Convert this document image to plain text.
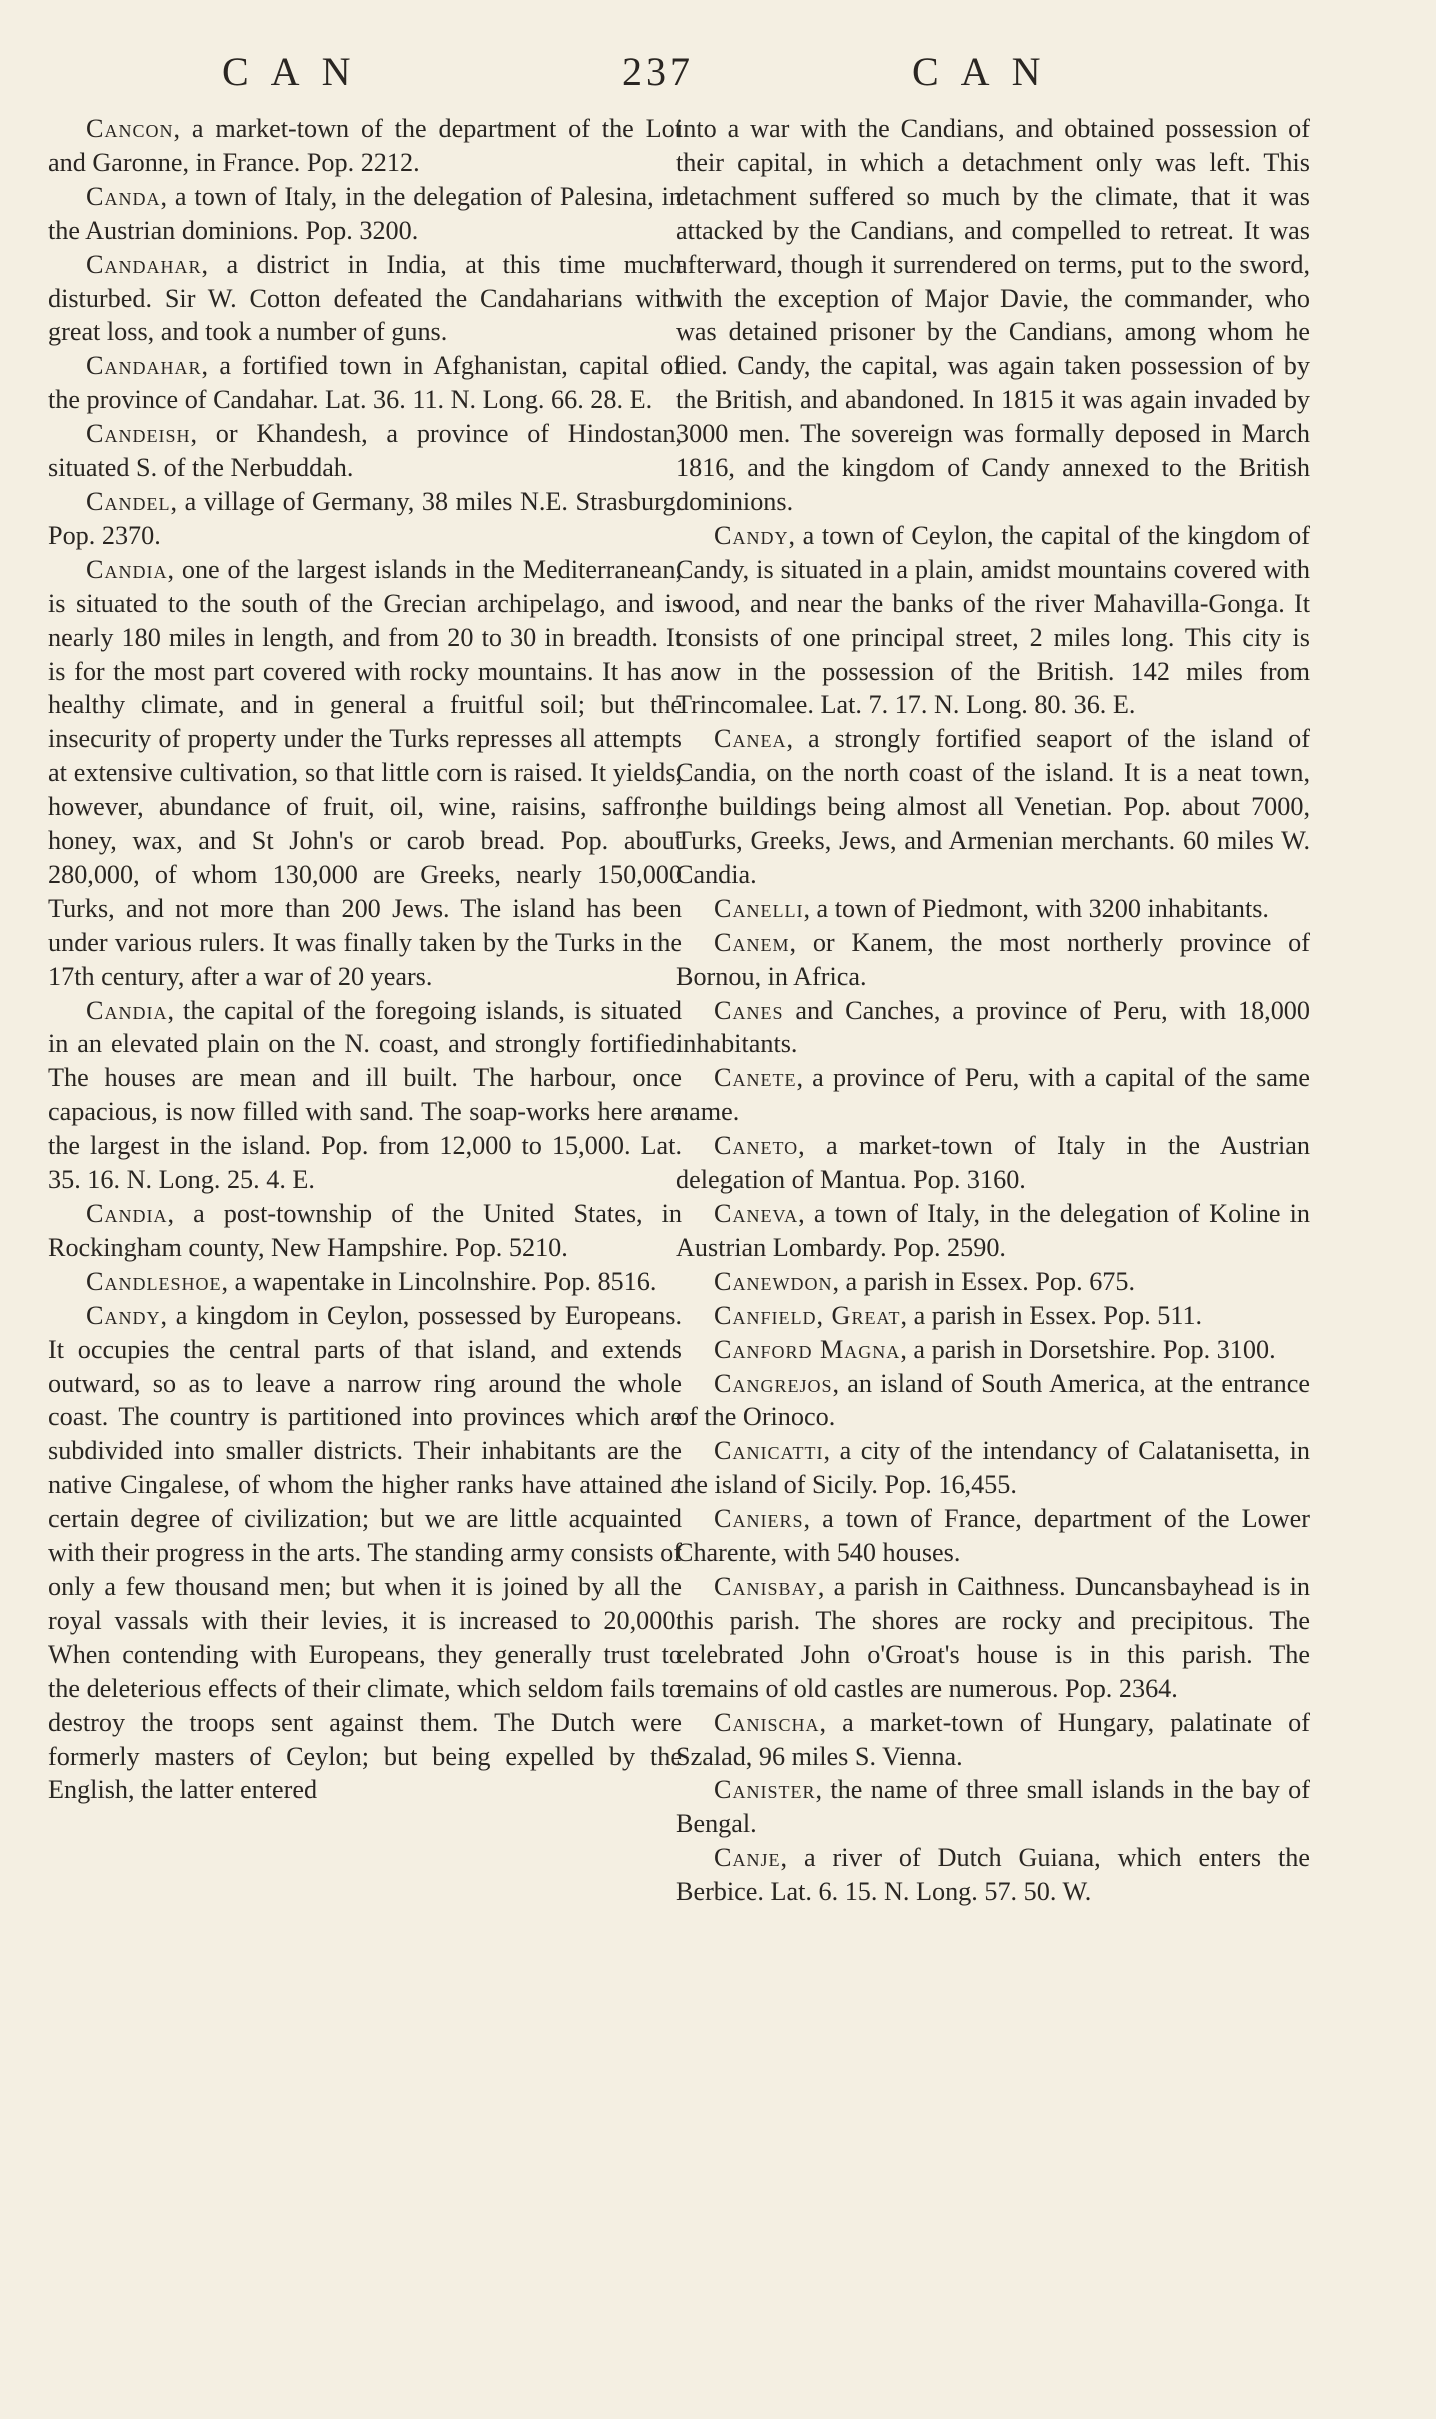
CAN	237	CAN

Cancon, a market-town of the department of the Lot and Garonne, in France. Pop. 2212.

Canda, a town of Italy, in the delegation of Palesina, in the Austrian dominions. Pop. 3200.

Candahar, a district in India, at this time much disturbed. Sir W. Cotton defeated the Candaharians with great loss, and took a number of guns.

Candahar, a fortified town in Afghanistan, capital of the province of Candahar. Lat. 36. 11. N. Long. 66. 28. E.

Candeish, or Khandesh, a province of Hindostan, situated S. of the Nerbuddah.

Candel, a village of Germany, 38 miles N.E. Strasburg. Pop. 2370.

Candia, one of the largest islands in the Mediterranean, is situated to the south of the Grecian archipelago, and is nearly 180 miles in length, and from 20 to 30 in breadth. It is for the most part covered with rocky mountains. It has a healthy climate, and in general a fruitful soil; but the insecurity of property under the Turks represses all attempts at extensive cultivation, so that little corn is raised. It yields, however, abundance of fruit, oil, wine, raisins, saffron, honey, wax, and St John's or carob bread. Pop. about 280,000, of whom 130,000 are Greeks, nearly 150,000 Turks, and not more than 200 Jews. The island has been under various rulers. It was finally taken by the Turks in the 17th century, after a war of 20 years.

Candia, the capital of the foregoing islands, is situated in an elevated plain on the N. coast, and strongly fortified. The houses are mean and ill built. The harbour, once capacious, is now filled with sand. The soap-works here are the largest in the island. Pop. from 12,000 to 15,000. Lat. 35. 16. N. Long. 25. 4. E.

Candia, a post-township of the United States, in Rockingham county, New Hampshire. Pop. 5210.

Candleshoe, a wapentake in Lincolnshire. Pop. 8516.

Candy, a kingdom in Ceylon, possessed by Europeans. It occupies the central parts of that island, and extends outward, so as to leave a narrow ring around the whole coast. The country is partitioned into provinces which are subdivided into smaller districts. Their inhabitants are the native Cingalese, of whom the higher ranks have attained a certain degree of civilization; but we are little acquainted with their progress in the arts. The standing army consists of only a few thousand men; but when it is joined by all the royal vassals with their levies, it is increased to 20,000. When contending with Europeans, they generally trust to the deleterious effects of their climate, which seldom fails to destroy the troops sent against them. The Dutch were formerly masters of Ceylon; but being expelled by the English, the latter entered

into a war with the Candians, and obtained possession of their capital, in which a detachment only was left. This detachment suffered so much by the climate, that it was attacked by the Candians, and compelled to retreat. It was afterward, though it surrendered on terms, put to the sword, with the exception of Major Davie, the commander, who was detained prisoner by the Candians, among whom he died. Candy, the capital, was again taken possession of by the British, and abandoned. In 1815 it was again invaded by 3000 men. The sovereign was formally deposed in March 1816, and the kingdom of Candy annexed to the British dominions.

Candy, a town of Ceylon, the capital of the kingdom of Candy, is situated in a plain, amidst mountains covered with wood, and near the banks of the river Mahavilla-Gonga. It consists of one principal street, 2 miles long. This city is now in the possession of the British. 142 miles from Trincomalee. Lat. 7. 17. N. Long. 80. 36. E.

Canea, a strongly fortified seaport of the island of Candia, on the north coast of the island. It is a neat town, the buildings being almost all Venetian. Pop. about 7000, Turks, Greeks, Jews, and Armenian merchants. 60 miles W. Candia.

Canelli, a town of Piedmont, with 3200 inhabitants.

Canem, or Kanem, the most northerly province of Bornou, in Africa.

Canes and Canches, a province of Peru, with 18,000 inhabitants.

Canete, a province of Peru, with a capital of the same name.

Caneto, a market-town of Italy in the Austrian delegation of Mantua. Pop. 3160.

Caneva, a town of Italy, in the delegation of Koline in Austrian Lombardy. Pop. 2590.

Canewdon, a parish in Essex. Pop. 675.

Canfield, Great, a parish in Essex. Pop. 511.

Canford Magna, a parish in Dorsetshire. Pop. 3100.

Cangrejos, an island of South America, at the entrance of the Orinoco.

Canicatti, a city of the intendancy of Calatanisetta, in the island of Sicily. Pop. 16,455.

Caniers, a town of France, department of the Lower Charente, with 540 houses.

Canisbay, a parish in Caithness. Duncansbayhead is in this parish. The shores are rocky and precipitous. The celebrated John o'Groat's house is in this parish. The remains of old castles are numerous. Pop. 2364.

Canischa, a market-town of Hungary, palatinate of Szalad, 96 miles S. Vienna.

Canister, the name of three small islands in the bay of Bengal.

Canje, a river of Dutch Guiana, which enters the Berbice. Lat. 6. 15. N. Long. 57. 50. W.
